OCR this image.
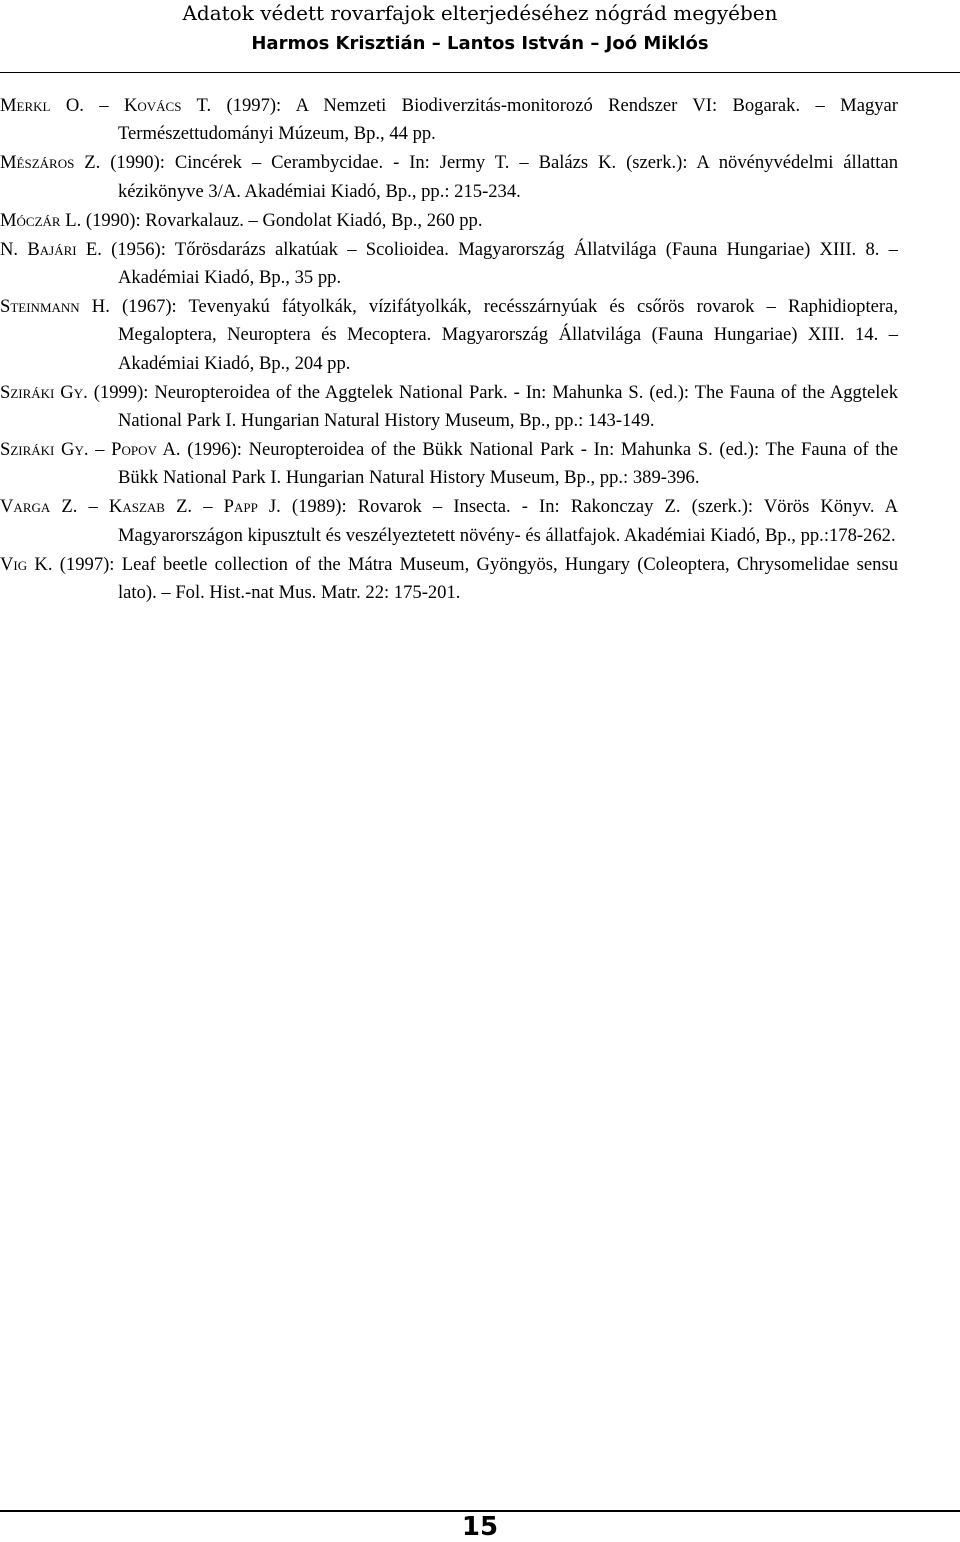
Adatok védett rovarfajok elterjedéséhez nógrád megyében
Harmos Krisztián – Lantos István – Joó Miklós

Merkl O. – Kovács T. (1997): A Nemzeti Biodiverzitás-monitorozó Rendszer VI: Bogarak. – Magyar Természettudományi Múzeum, Bp., 44 pp.

Mészáros Z. (1990): Cincérek – Cerambycidae. - In: Jermy T. – Balázs K. (szerk.): A növényvédelmi állattan kézikönyve 3/A. Akadémiai Kiadó, Bp., pp.: 215-234.

Móczár L. (1990): Rovarkalauz. – Gondolat Kiadó, Bp., 260 pp.

N. Bajári E. (1956): Tőrösdarázs alkatúak – Scolioidea. Magyarország Állatvilága (Fauna Hungariae) XIII. 8. – Akadémiai Kiadó, Bp., 35 pp.

Steinmann H. (1967): Tevenyakú fátyolkák, vízifátyolkák, recésszárnyúak és csőrös rovarok – Raphidioptera, Megaloptera, Neuroptera és Mecoptera. Magyarország Állatvilága (Fauna Hungariae) XIII. 14. – Akadémiai Kiadó, Bp., 204 pp.

Sziráki Gy. (1999): Neuropteroidea of the Aggtelek National Park. - In: Mahunka S. (ed.): The Fauna of the Aggtelek National Park I. Hungarian Natural History Museum, Bp., pp.: 143-149.

Sziráki Gy. – Popov A. (1996): Neuropteroidea of the Bükk National Park - In: Mahunka S. (ed.): The Fauna of the Bükk National Park I. Hungarian Natural History Museum, Bp., pp.: 389-396.

Varga Z. – Kaszab Z. – Papp J. (1989): Rovarok – Insecta. - In: Rakonczay Z. (szerk.): Vörös Könyv. A Magyarországon kipusztult és veszélyeztetett növény- és állatfajok. Akadémiai Kiadó, Bp., pp.:178-262.

Vig K. (1997): Leaf beetle collection of the Mátra Museum, Gyöngyös, Hungary (Coleoptera, Chrysomelidae sensu lato). – Fol. Hist.-nat Mus. Matr. 22: 175-201.

15
